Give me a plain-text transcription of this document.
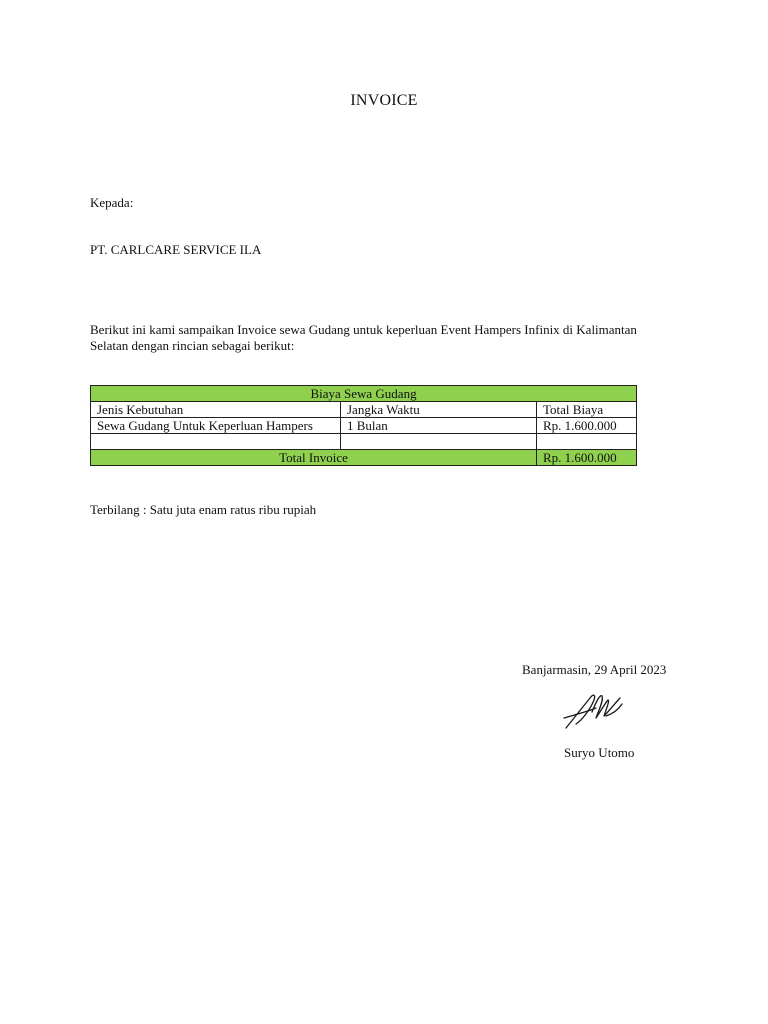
INVOICE
Kepada:
PT. CARLCARE SERVICE ILA
Berikut ini kami sampaikan Invoice sewa Gudang untuk keperluan Event Hampers Infinix di Kalimantan Selatan dengan rincian sebagai berikut:
Biaya Sewa Gudang		
Jenis Kebutuhan	Jangka Waktu	Total Biaya
Sewa Gudang Untuk Keperluan Hampers	1 Bulan	Rp. 1.600.000

Total Invoice		Rp. 1.600.000
Terbilang : Satu juta enam ratus ribu rupiah
Banjarmasin, 29 April 2023
Suryo Utomo
